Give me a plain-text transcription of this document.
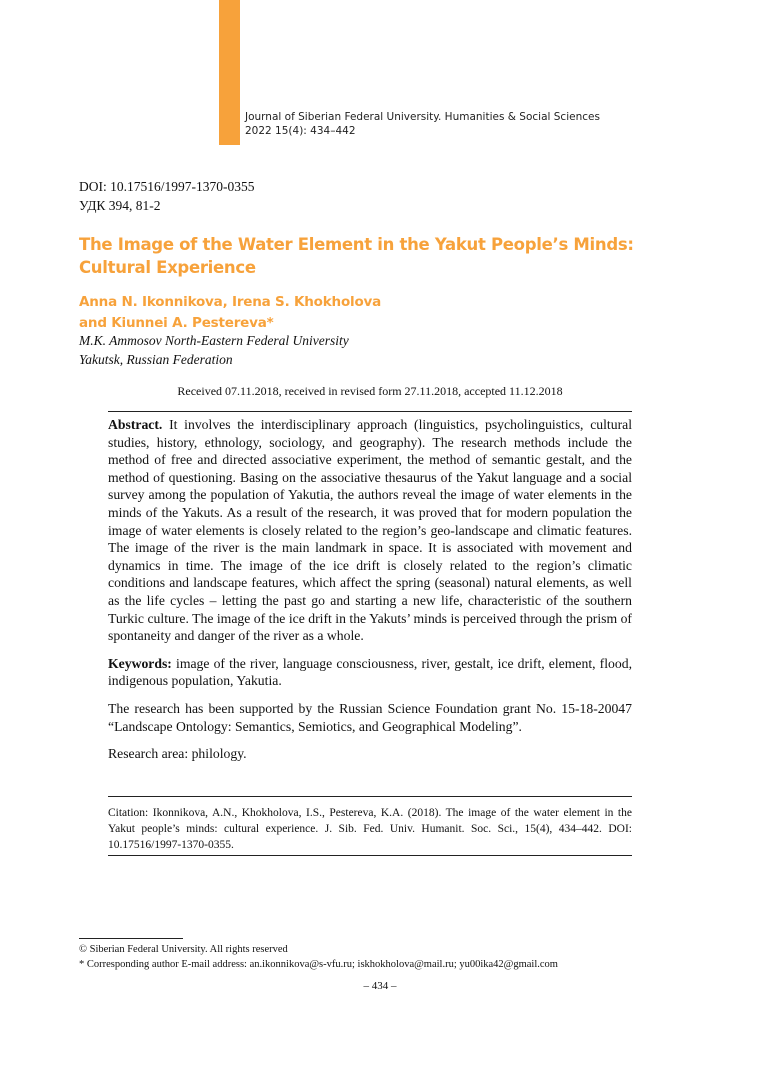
Journal of Siberian Federal University. Humanities & Social Sciences
2022 15(4): 434–442
DOI: 10.17516/1997-1370-0355
УДК 394, 81-2
The Image of the Water Element in the Yakut People’s Minds:
Cultural Experience
Anna N. Ikonnikova, Irena S. Khokholova
and Kiunnei A. Pestereva*
M.K. Ammosov North-Eastern Federal University
Yakutsk, Russian Federation
Received 07.11.2018, received in revised form 27.11.2018, accepted 11.12.2018

Abstract. It involves the interdisciplinary approach (linguistics, psycholinguistics, cultural studies, history, ethnology, sociology, and geography). The research methods include the method of free and directed associative experiment, the method of semantic gestalt, and the method of questioning. Basing on the associative thesaurus of the Yakut language and a social survey among the population of Yakutia, the authors reveal the image of water elements in the minds of the Yakuts. As a result of the research, it was proved that for modern population the image of water elements is closely related to the region’s geo-landscape and climatic features. The image of the river is the main landmark in space. It is associated with movement and dynamics in time. The image of the ice drift is closely related to the region’s climatic conditions and landscape features, which affect the spring (seasonal) natural elements, as well as the life cycles – letting the past go and starting a new life, characteristic of the southern Turkic culture. The image of the ice drift in the Yakuts’ minds is perceived through the prism of spontaneity and danger of the river as a whole.

Keywords: image of the river, language consciousness, river, gestalt, ice drift, element, flood, indigenous population, Yakutia.

The research has been supported by the Russian Science Foundation grant No. 15-18-20047 “Landscape Ontology: Semantics, Semiotics, and Geographical Modeling”.

Research area: philology.

Citation: Ikonnikova, A.N., Khokholova, I.S., Pestereva, K.A. (2018). The image of the water element in the Yakut people’s minds: cultural experience. J. Sib. Fed. Univ. Humanit. Soc. Sci., 15(4), 434–442. DOI: 10.17516/1997-1370-0355.
© Siberian Federal University. All rights reserved
* Corresponding author E-mail address: an.ikonnikova@s-vfu.ru; iskhokholova@mail.ru; yu00ika42@gmail.com
– 434 –
